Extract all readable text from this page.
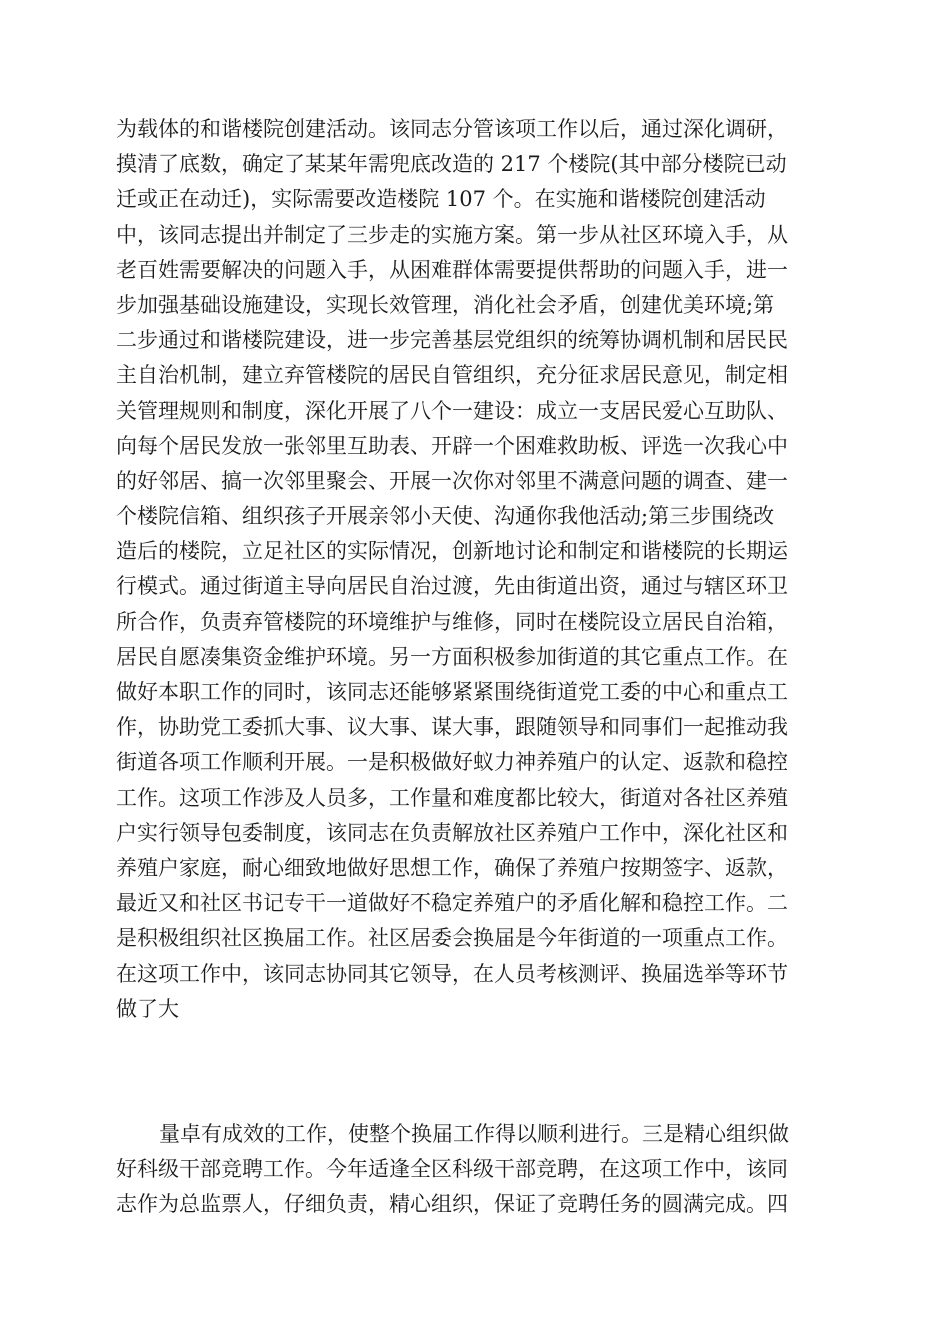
为载体的和谐楼院创建活动。该同志分管该项工作以后，通过深化调研，
摸清了底数，确定了某某年需兜底改造的 217 个楼院(其中部分楼院已动
迁或正在动迁)，实际需要改造楼院 107 个。在实施和谐楼院创建活动
中，该同志提出并制定了三步走的实施方案。第一步从社区环境入手，从
老百姓需要解决的问题入手，从困难群体需要提供帮助的问题入手，进一
步加强基础设施建设，实现长效管理，消化社会矛盾，创建优美环境;第
二步通过和谐楼院建设，进一步完善基层党组织的统筹协调机制和居民民
主自治机制，建立弃管楼院的居民自管组织，充分征求居民意见，制定相
关管理规则和制度，深化开展了八个一建设：成立一支居民爱心互助队、
向每个居民发放一张邻里互助表、开辟一个困难救助板、评选一次我心中
的好邻居、搞一次邻里聚会、开展一次你对邻里不满意问题的调查、建一
个楼院信箱、组织孩子开展亲邻小天使、沟通你我他活动;第三步围绕改
造后的楼院，立足社区的实际情况，创新地讨论和制定和谐楼院的长期运
行模式。通过街道主导向居民自治过渡，先由街道出资，通过与辖区环卫
所合作，负责弃管楼院的环境维护与维修，同时在楼院设立居民自治箱，
居民自愿凑集资金维护环境。另一方面积极参加街道的其它重点工作。在
做好本职工作的同时，该同志还能够紧紧围绕街道党工委的中心和重点工
作，协助党工委抓大事、议大事、谋大事，跟随领导和同事们一起推动我
街道各项工作顺利开展。一是积极做好蚁力神养殖户的认定、返款和稳控
工作。这项工作涉及人员多，工作量和难度都比较大，街道对各社区养殖
户实行领导包委制度，该同志在负责解放社区养殖户工作中，深化社区和
养殖户家庭，耐心细致地做好思想工作，确保了养殖户按期签字、返款，
最近又和社区书记专干一道做好不稳定养殖户的矛盾化解和稳控工作。二
是积极组织社区换届工作。社区居委会换届是今年街道的一项重点工作。
在这项工作中，该同志协同其它领导，在人员考核测评、换届选举等环节
做了大
量卓有成效的工作，使整个换届工作得以顺利进行。三是精心组织做
好科级干部竞聘工作。今年适逢全区科级干部竞聘，在这项工作中，该同
志作为总监票人，仔细负责，精心组织，保证了竞聘任务的圆满完成。四
